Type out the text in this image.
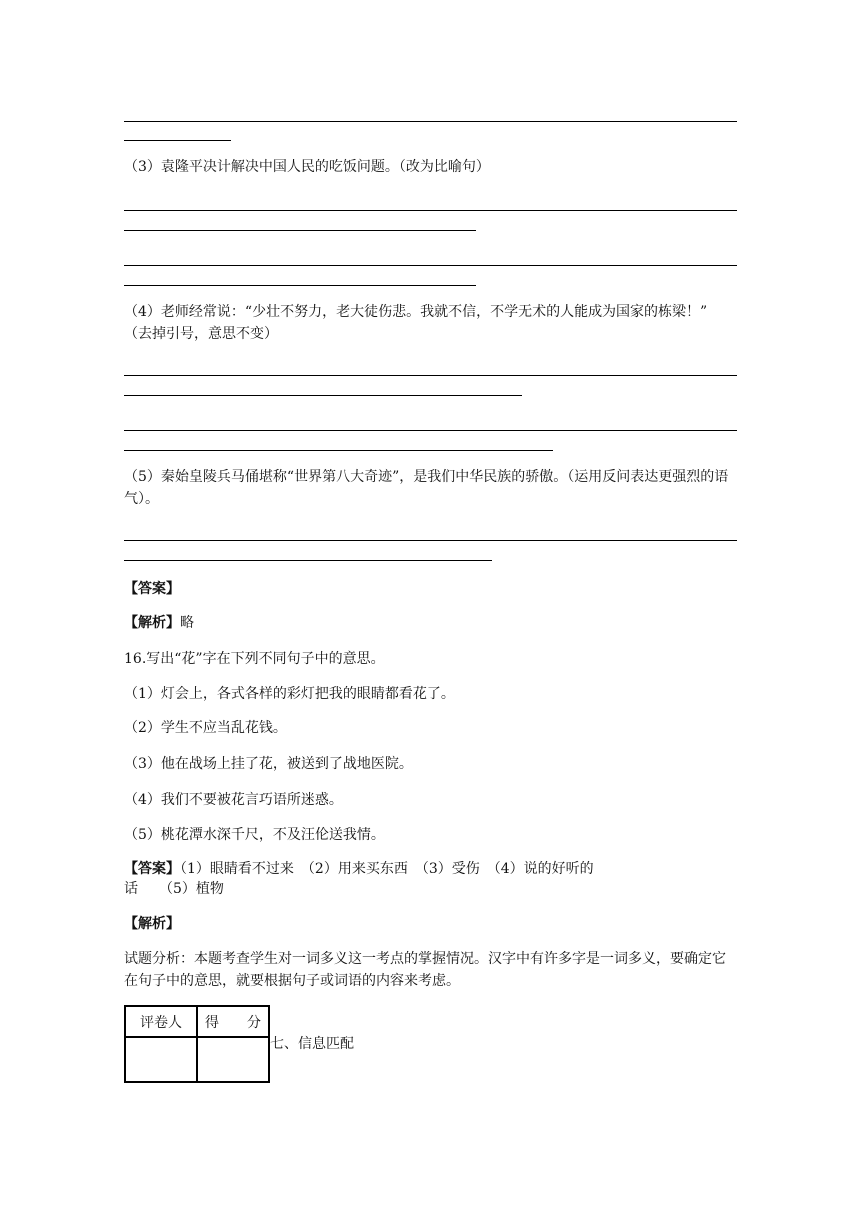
（3）袁隆平决计解决中国人民的吃饭问题。（改为比喻句）
（4）老师经常说：“少壮不努力，老大徒伤悲。我就不信，不学无术的人能成为国家的栋梁！” （去掉引号，意思不变）
（5）秦始皇陵兵马俑堪称“世界第八大奇迹”，是我们中华民族的骄傲。（运用反问表达更强烈的语气）。
【答案】
【解析】略
16.写出“花”字在下列不同句子中的意思。
（1）灯会上，各式各样的彩灯把我的眼睛都看花了。
（2）学生不应当乱花钱。
（3）他在战场上挂了花，被送到了战地医院。
（4）我们不要被花言巧语所迷惑。
（5）桃花潭水深千尺，不及汪伦送我情。
【答案】（1）眼睛看不过来　（2）用来买东西　（3）受伤　（4）说的好听的
话　　（5）植物
【解析】
试题分析：本题考查学生对一词多义这一考点的掌握情况。汉字中有许多字是一词多义，要确定它在句子中的意思，就要根据句子或词语的内容来考虑。
评卷人	得　　分

七、信息匹配
